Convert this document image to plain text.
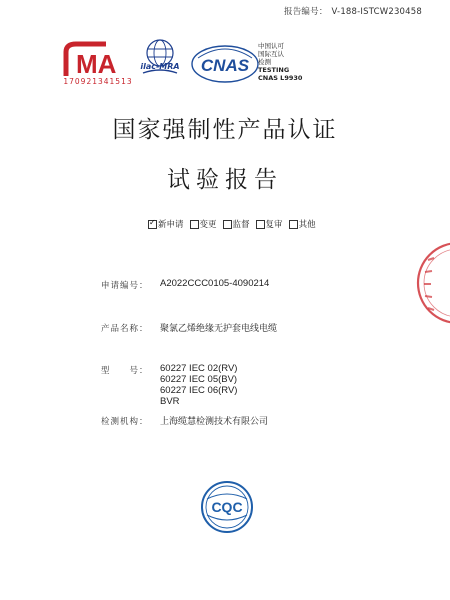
报告编号： V-188-ISTCW230458
MA
170921341513
ilac-MRA	CNAS
中国认可
国际互认
检测
TESTING
CNAS L9930
国家强制性产品认证
试验报告
✓
新申请 变更 监督 复审 其他
申请编号： A2022CCC0105-4090214
产品名称： 聚氯乙烯绝缘无护套电线电缆
型　　号： 60227 IEC 02(RV)
60227 IEC 05(BV)
60227 IEC 06(RV)
BVR
检测机构： 上海缆慧检测技术有限公司
CQC
